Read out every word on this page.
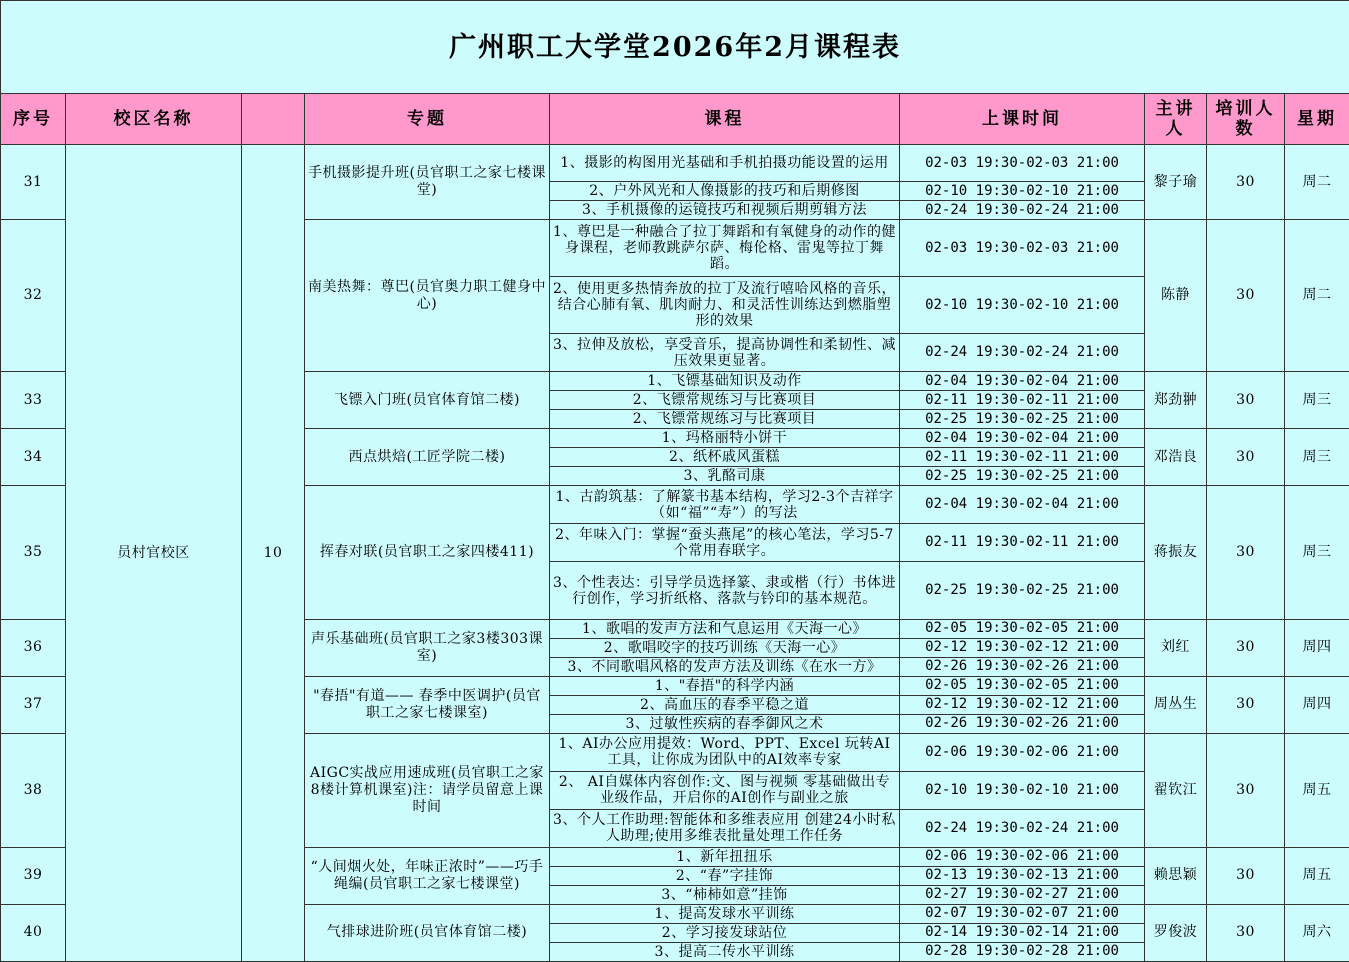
广州职工大学堂2026年2月课程表								
序号	校区名称		专题	课程	上课时间	主讲人	培训人数	星期
31	员村官校区	10	手机摄影提升班(员官职工之家七楼课堂)	1、摄影的构图用光基础和手机拍摄功能设置的运用	02-03 19:30-02-03 21:00	黎子瑜	30	周二
				2、户外风光和人像摄影的技巧和后期修图	02-10 19:30-02-10 21:00			
				3、手机摄像的运镜技巧和视频后期剪辑方法	02-24 19:30-02-24 21:00			
32			南美热舞：尊巴(员官奥力职工健身中心)	1、尊巴是一种融合了拉丁舞蹈和有氧健身的动作的健身课程，老师教跳萨尔萨、梅伦格、雷鬼等拉丁舞蹈。	02-03 19:30-02-03 21:00	陈静	30	周二
				2、使用更多热情奔放的拉丁及流行嘻哈风格的音乐，结合心肺有氧、肌肉耐力、和灵活性训练达到燃脂塑形的效果	02-10 19:30-02-10 21:00			
				3、拉伸及放松，享受音乐，提高协调性和柔韧性、减压效果更显著。	02-24 19:30-02-24 21:00			
33			飞镖入门班(员官体育馆二楼)	1、飞镖基础知识及动作	02-04 19:30-02-04 21:00	郑劲翀	30	周三
				2、飞镖常规练习与比赛项目	02-11 19:30-02-11 21:00			
				2、飞镖常规练习与比赛项目	02-25 19:30-02-25 21:00			
34			西点烘焙(工匠学院二楼)	1、玛格丽特小饼干	02-04 19:30-02-04 21:00	邓浩良	30	周三
				2、纸杯戚风蛋糕	02-11 19:30-02-11 21:00			
				3、乳酪司康	02-25 19:30-02-25 21:00			
35			挥春对联(员官职工之家四楼411)	1、古韵筑基：了解篆书基本结构，学习2-3个吉祥字（如“福”“寿”）的写法	02-04 19:30-02-04 21:00	蒋振友	30	周三
				2、年味入门：掌握“蚕头燕尾”的核心笔法，学习5-7个常用春联字。	02-11 19:30-02-11 21:00			
				3、个性表达：引导学员选择篆、隶或楷（行）书体进行创作，学习折纸格、落款与钤印的基本规范。	02-25 19:30-02-25 21:00			
36			声乐基础班(员官职工之家3楼303课室)	1、歌唱的发声方法和气息运用《天海一心》	02-05 19:30-02-05 21:00	刘红	30	周四
				2、歌唱咬字的技巧训练《天海一心》	02-12 19:30-02-12 21:00			
				3、不同歌唱风格的发声方法及训练《在水一方》	02-26 19:30-02-26 21:00			
37			"春捂"有道—— 春季中医调护(员官职工之家七楼课室)	1、"春捂"的科学内涵	02-05 19:30-02-05 21:00	周丛生	30	周四
				2、高血压的春季平稳之道	02-12 19:30-02-12 21:00			
				3、过敏性疾病的春季御风之术	02-26 19:30-02-26 21:00			
38			AIGC实战应用速成班(员官职工之家8楼计算机课室)注：请学员留意上课时间	1、AI办公应用提效：Word、PPT、Excel 玩转AI工具，让你成为团队中的AI效率专家	02-06 19:30-02-06 21:00	翟钦江	30	周五
				2、 AI自媒体内容创作:文、图与视频 零基础做出专业级作品，开启你的AI创作与副业之旅	02-10 19:30-02-10 21:00			
				3、个人工作助理:智能体和多维表应用 创建24小时私人助理;使用多维表批量处理工作任务	02-24 19:30-02-24 21:00			
39			“人间烟火处，年味正浓时”——巧手绳编(员官职工之家七楼课堂)	1、新年扭扭乐	02-06 19:30-02-06 21:00	赖思颖	30	周五
				2、“春”字挂饰	02-13 19:30-02-13 21:00			
				3、“柿柿如意”挂饰	02-27 19:30-02-27 21:00			
40			气排球进阶班(员官体育馆二楼)	1、提高发球水平训练	02-07 19:30-02-07 21:00	罗俊波	30	周六
				2、学习接发球站位	02-14 19:30-02-14 21:00			
				3、提高二传水平训练	02-28 19:30-02-28 21:00			
